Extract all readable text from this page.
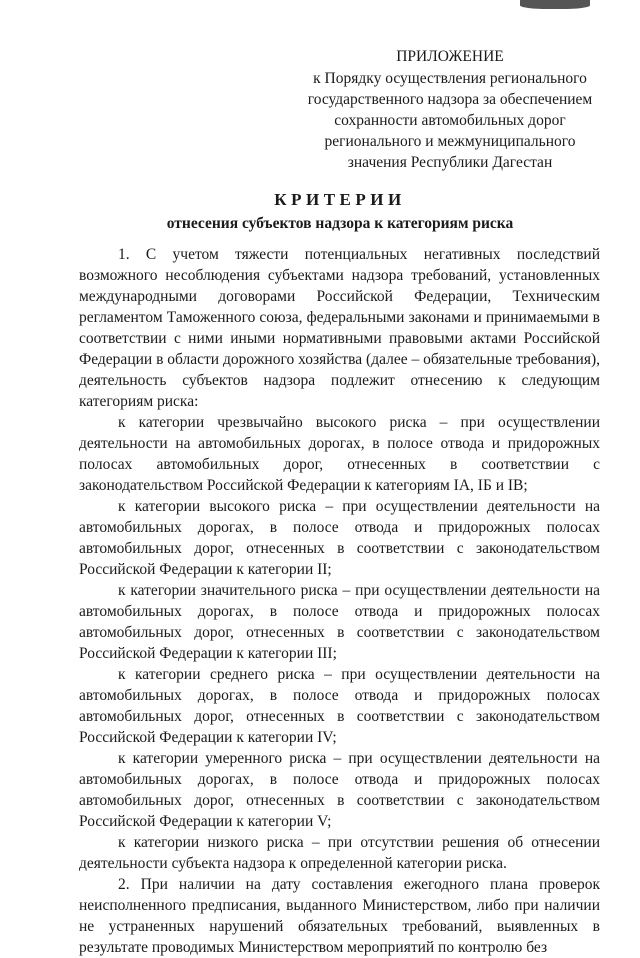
ПРИЛОЖЕНИЕ
к Порядку осуществления регионального
государственного надзора за обеспечением
сохранности автомобильных дорог
регионального и межмуниципального
значения Республики Дагестан
КРИТЕРИИ
отнесения субъектов надзора к категориям риска

1. С учетом тяжести потенциальных негативных последствий возможного несоблюдения субъектами надзора требований, установленных международными договорами Российской Федерации, Техническим регламентом Таможенного союза, федеральными законами и принимаемыми в соответствии с ними иными нормативными правовыми актами Российской Федерации в области дорожного хозяйства (далее – обязательные требования), деятельность субъектов надзора подлежит отнесению к следующим категориям риска:

к категории чрезвычайно высокого риска – при осуществлении деятельности на автомобильных дорогах, в полосе отвода и придорожных полосах автомобильных дорог, отнесенных в соответствии с законодательством Российской Федерации к категориям IA, IБ и IВ;

к категории высокого риска – при осуществлении деятельности на автомобильных дорогах, в полосе отвода и придорожных полосах автомобильных дорог, отнесенных в соответствии с законодательством Российской Федерации к категории II;

к категории значительного риска – при осуществлении деятельности на автомобильных дорогах, в полосе отвода и придорожных полосах автомобильных дорог, отнесенных в соответствии с законодательством Российской Федерации к категории III;

к категории среднего риска – при осуществлении деятельности на автомобильных дорогах, в полосе отвода и придорожных полосах автомобильных дорог, отнесенных в соответствии с законодательством Российской Федерации к категории IV;

к категории умеренного риска – при осуществлении деятельности на автомобильных дорогах, в полосе отвода и придорожных полосах автомобильных дорог, отнесенных в соответствии с законодательством Российской Федерации к категории V;

к категории низкого риска – при отсутствии решения об отнесении деятельности субъекта надзора к определенной категории риска.

2. При наличии на дату составления ежегодного плана проверок неисполненного предписания, выданного Министерством, либо при наличии не устраненных нарушений обязательных требований, выявленных в результате проводимых Министерством мероприятий по контролю без
